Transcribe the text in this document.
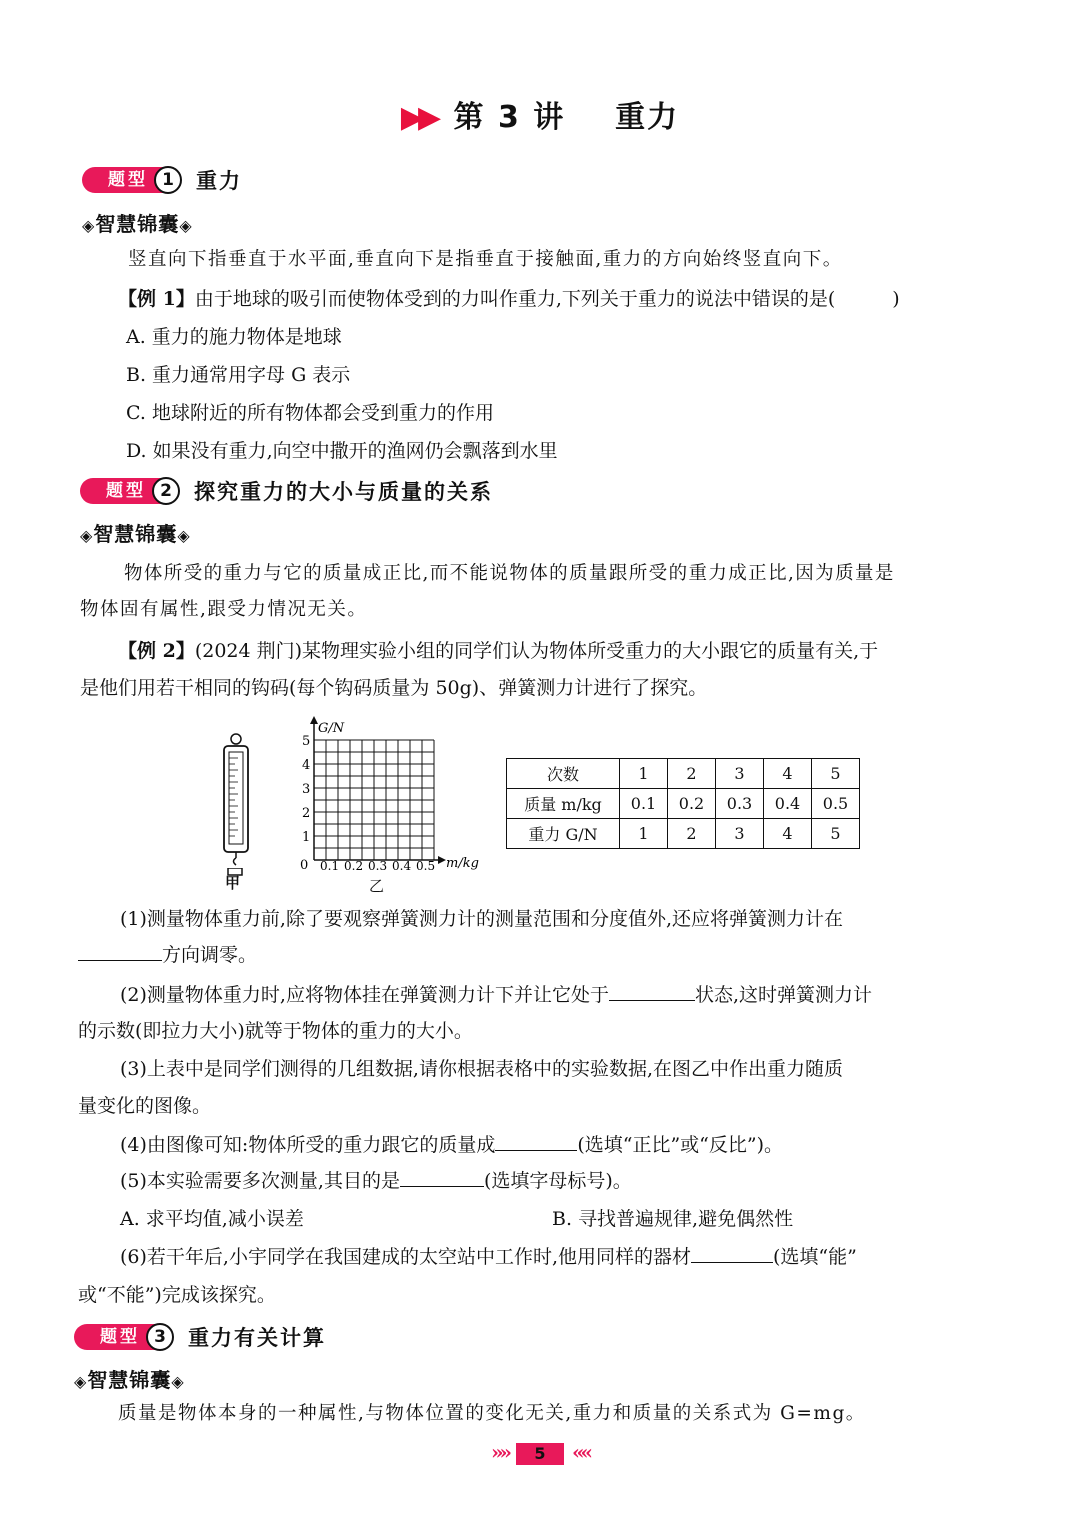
▶▶ 第 3 讲    重力
题型 1	重力
◈智慧锦囊◈
竖直向下指垂直于水平面,垂直向下是指垂直于接触面,重力的方向始终竖直向下。
【例 1】由于地球的吸引而使物体受到的力叫作重力,下列关于重力的说法中错误的是(　　　)
A. 重力的施力物体是地球
B. 重力通常用字母 G 表示
C. 地球附近的所有物体都会受到重力的作用
D. 如果没有重力,向空中撒开的渔网仍会飘落到水里
题型 2	探究重力的大小与质量的关系
◈智慧锦囊◈
物体所受的重力与它的质量成正比,而不能说物体的质量跟所受的重力成正比,因为质量是
物体固有属性,跟受力情况无关。
【例 2】(2024 荆门)某物理实验小组的同学们认为物体所受重力的大小跟它的质量有关,于
是他们用若干相同的钩码(每个钩码质量为 50g)、弹簧测力计进行了探究。
甲
G/N
0
1
2
3
4
5
0.1 0.2 0.3 0.4 0.5 m/kg
乙
次数	1	2	3	4	5
质量 m/kg	0.1	0.2	0.3	0.4	0.5
重力 G/N	1	2	3	4	5
(1)测量物体重力前,除了要观察弹簧测力计的测量范围和分度值外,还应将弹簧测力计在
方向调零。
(2)测量物体重力时,应将物体挂在弹簧测力计下并让它处于	状态,这时弹簧测力计
的示数(即拉力大小)就等于物体的重力的大小。
(3)上表中是同学们测得的几组数据,请你根据表格中的实验数据,在图乙中作出重力随质
量变化的图像。
(4)由图像可知:物体所受的重力跟它的质量成	(选填“正比”或“反比”)。
(5)本实验需要多次测量,其目的是	(选填字母标号)。
A. 求平均值,减小误差	B. 寻找普遍规律,避免偶然性
(6)若干年后,小宇同学在我国建成的太空站中工作时,他用同样的器材	(选填“能”
或“不能”)完成该探究。
题型 3	重力有关计算
◈智慧锦囊◈
质量是物体本身的一种属性,与物体位置的变化无关,重力和质量的关系式为 G=mg。
»» 5 ««
